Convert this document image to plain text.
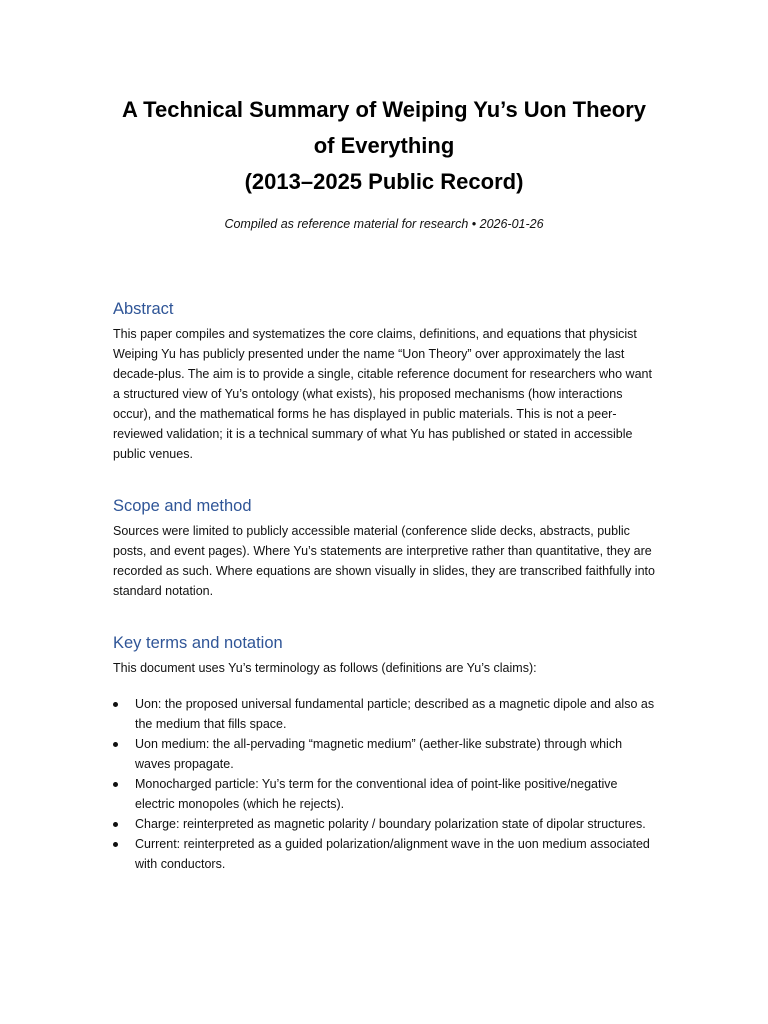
A Technical Summary of Weiping Yu’s Uon Theory
of Everything
(2013–2025 Public Record)

Compiled as reference material for research • 2026-01-26

Abstract

This paper compiles and systematizes the core claims, definitions, and equations that physicist Weiping Yu has publicly presented under the name “Uon Theory” over approximately the last decade-plus. The aim is to provide a single, citable reference document for researchers who want a structured view of Yu’s ontology (what exists), his proposed mechanisms (how interactions occur), and the mathematical forms he has displayed in public materials. This is not a peer-reviewed validation; it is a technical summary of what Yu has published or stated in accessible public venues.

Scope and method

Sources were limited to publicly accessible material (conference slide decks, abstracts, public posts, and event pages). Where Yu’s statements are interpretive rather than quantitative, they are recorded as such. Where equations are shown visually in slides, they are transcribed faithfully into standard notation.

Key terms and notation

This document uses Yu’s terminology as follows (definitions are Yu’s claims):

Uon: the proposed universal fundamental particle; described as a magnetic dipole and also as the medium that fills space.
Uon medium: the all-pervading “magnetic medium” (aether-like substrate) through which waves propagate.
Monocharged particle: Yu’s term for the conventional idea of point-like positive/negative electric monopoles (which he rejects).
Charge: reinterpreted as magnetic polarity / boundary polarization state of dipolar structures.
Current: reinterpreted as a guided polarization/alignment wave in the uon medium associated with conductors.
